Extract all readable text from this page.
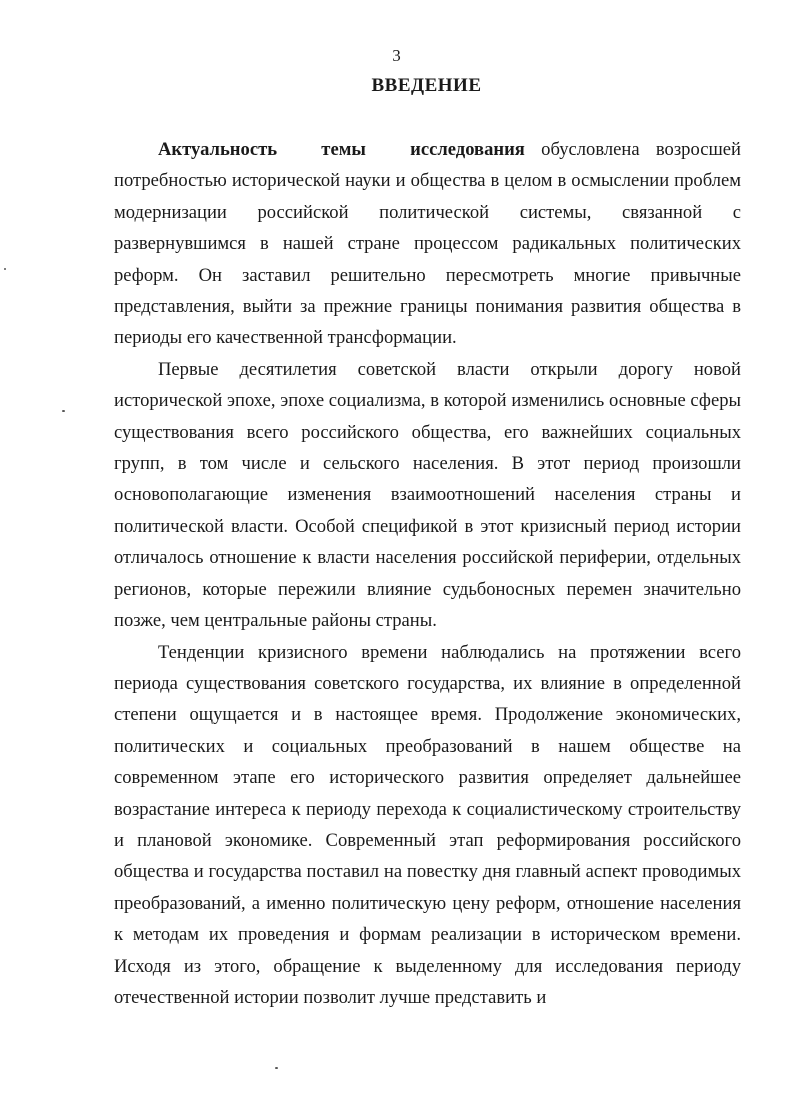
3
ВВЕДЕНИЕ

Актуальность темы исследования обусловлена возросшей потребностью исторической науки и общества в целом в осмыслении проблем модернизации российской политической системы, связанной с развернувшимся в нашей стране процессом радикальных политических реформ. Он заставил решительно пересмотреть многие привычные представления, выйти за прежние границы понимания развития общества в периоды его качественной трансформации.

Первые десятилетия советской власти открыли дорогу новой исторической эпохе, эпохе социализма, в которой изменились основные сферы существования всего российского общества, его важнейших социальных групп, в том числе и сельского населения. В этот период произошли основополагающие изменения взаимоотношений населения страны и политической власти. Особой спецификой в этот кризисный период истории отличалось отношение к власти населения российской периферии, отдельных регионов, которые пережили влияние судьбоносных перемен значительно позже, чем центральные районы страны.

Тенденции кризисного времени наблюдались на протяжении всего периода существования советского государства, их влияние в определенной степени ощущается и в настоящее время. Продолжение экономических, политических и социальных преобразований в нашем обществе на современном этапе его исторического развития определяет дальнейшее возрастание интереса к периоду перехода к социалистическому строительству и плановой экономике. Современный этап реформирования российского общества и государства поставил на повестку дня главный аспект проводимых преобразований, а именно политическую цену реформ, отношение населения к методам их проведения и формам реализации в историческом времени. Исходя из этого, обращение к выделенному для исследования периоду отечественной истории позволит лучше представить и
